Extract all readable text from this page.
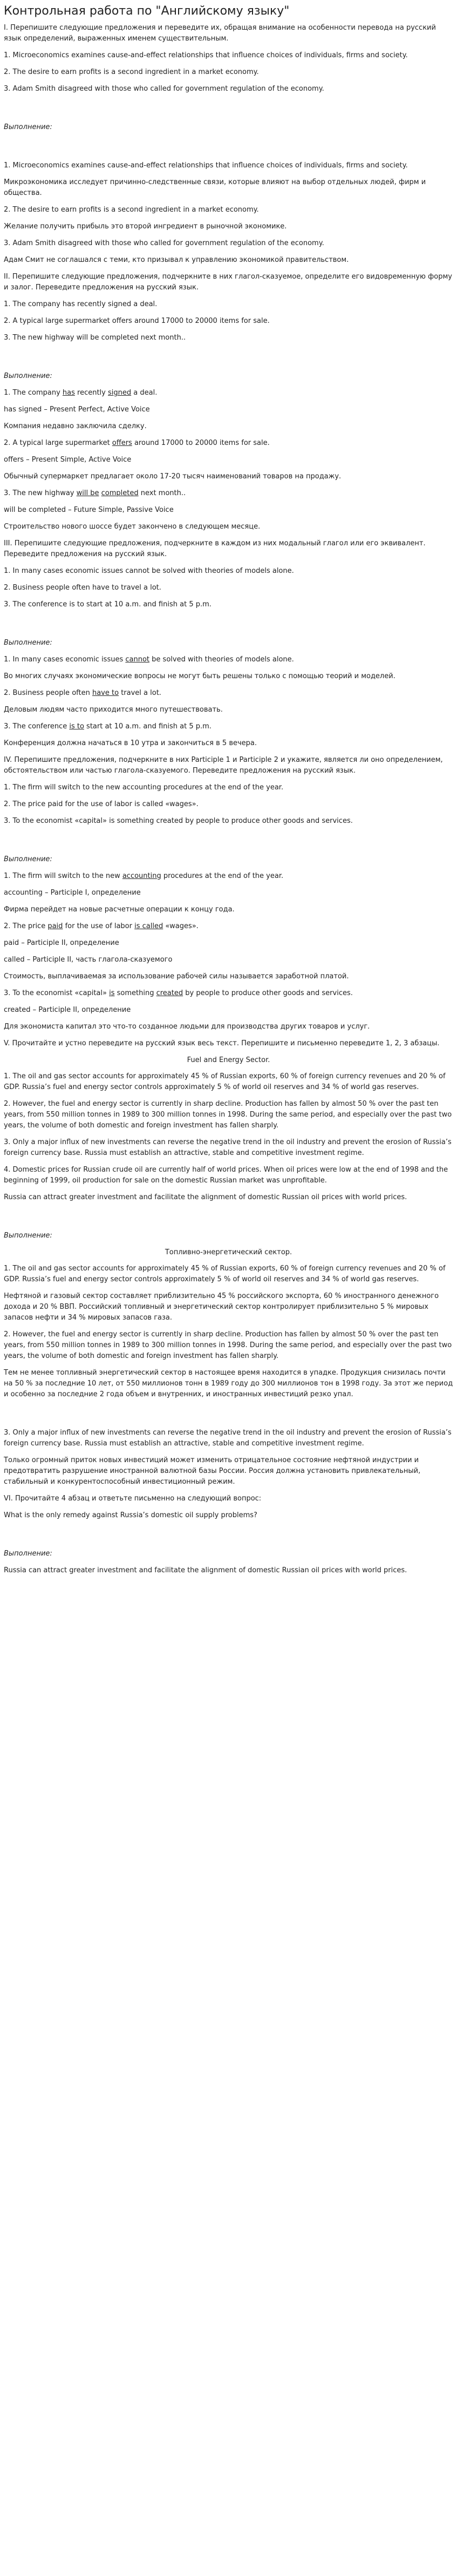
Контрольная работа по "Английскому языку"

I. Перепишите следующие предложения и переведите их, обращая внимание на особенности перевода на русский язык определений, выраженных именем существительным.

1. Microeconomics examines cause-and-effect relationships that influence choices of individuals, firms and society.

2. The desire to earn profits is a second ingredient in a market economy.

3. Adam Smith disagreed with those who called for government regulation of the economy.

Выполнение:

1. Microeconomics examines cause-and-effect relationships that influence choices of individuals, firms and society.

Микроэкономика исследует причинно-следственные связи, которые влияют на выбор отдельных людей, фирм и общества.

2. The desire to earn profits is a second ingredient in a market economy.

Желание получить прибыль это второй ингредиент в рыночной экономике.

3. Adam Smith disagreed with those who called for government regulation of the economy.

Адам Смит не соглашался с теми, кто призывал к управлению экономикой правительством.

II. Перепишите следующие предложения, подчеркните в них глагол-сказуемое, определите его видовременную форму и залог. Переведите предложения на русский язык.

1. The company has recently signed a deal.

2. A typical large supermarket offers around 17000 to 20000 items for sale.

3. The new highway will be completed next month..

Выполнение:

1. The company has recently signed a deal.

has signed – Present Perfect, Active Voice

Компания недавно заключила сделку.

2. A typical large supermarket offers around 17000 to 20000 items for sale.

offers – Present Simple, Active Voice

Обычный супермаркет предлагает около 17-20 тысяч наименований товаров на продажу.

3. The new highway will be completed next month..

will be completed – Future Simple, Passive Voice

Строительство нового шоссе будет закончено в следующем месяце.

III. Перепишите следующие предложения, подчеркните в каждом из них модальный глагол или его эквивалент. Переведите предложения на русский язык.

1. In many cases economic issues cannot be solved with theories of models alone.

2. Business people often have to travel a lot.

3. The conference is to start at 10 a.m. and finish at 5 p.m.

Выполнение:

1. In many cases economic issues cannot be solved with theories of models alone.

Во многих случаях экономические вопросы не могут быть решены только с помощью теорий и моделей.

2. Business people often have to travel a lot.

Деловым людям часто приходится много путешествовать.

3. The conference is to start at 10 a.m. and finish at 5 p.m.

Конференция должна начаться в 10 утра и закончиться в 5 вечера.

IV. Перепишите предложения, подчеркните в них Participle 1 и Participle 2 и укажите, является ли оно определением, обстоятельством или частью глагола-сказуемого. Переведите предложения на русский язык.

1. The firm will switch to the new accounting procedures at the end of the year.

2. The price paid for the use of labor is called «wages».

3. To the economist «capital» is something created by people to produce other goods and services.

Выполнение:

1. The firm will switch to the new accounting procedures at the end of the year.

accounting – Participle I, определение

Фирма перейдет на новые расчетные операции к концу года.

2. The price paid for the use of labor is called «wages».

paid – Participle II, определение

called – Participle II, часть глагола-сказуемого

Стоимость, выплачиваемая за использование рабочей силы называется заработной платой.

3. To the economist «capital» is something created by people to produce other goods and services.

created – Participle II, определение

Для экономиста капитал это что-то созданное людьми для производства других товаров и услуг.

V. Прочитайте и устно переведите на русский язык весь текст. Перепишите и письменно переведите 1, 2, 3 абзацы.

Fuel and Energy Sector.

1. The oil and gas sector accounts for approximately 45 % of Russian exports, 60 % of foreign currency revenues and 20 % of GDP. Russia’s fuel and energy sector controls approximately 5 % of world oil reserves and 34 % of world gas reserves.

2. However, the fuel and energy sector is currently in sharp decline. Production has fallen by almost 50 % over the past ten years, from 550 million tonnes in 1989 to 300 million tonnes in 1998. During the same period, and especially over the past two years, the volume of both domestic and foreign investment has fallen sharply.

3. Only a major influx of new investments can reverse the negative trend in the oil industry and prevent the erosion of Russia’s foreign currency base. Russia must establish an attractive, stable and competitive investment regime.

4. Domestic prices for Russian crude oil are currently half of world prices. When oil prices were low at the end of 1998 and the beginning of 1999, oil production for sale on the domestic Russian market was unprofitable.

Russia can attract greater investment and facilitate the alignment of domestic Russian oil prices with world prices.

Выполнение:

Топливно-энергетический сектор.

1. The oil and gas sector accounts for approximately 45 % of Russian exports, 60 % of foreign currency revenues and 20 % of GDP. Russia’s fuel and energy sector controls approximately 5 % of world oil reserves and 34 % of world gas reserves.

Нефтяной и газовый сектор составляет приблизительно 45 % российского экспорта, 60 % иностранного денежного дохода и 20 % ВВП. Российский топливный и энергетический сектор контролирует приблизительно 5 % мировых запасов нефти и 34 % мировых запасов газа.

2. However, the fuel and energy sector is currently in sharp decline. Production has fallen by almost 50 % over the past ten years, from 550 million tonnes in 1989 to 300 million tonnes in 1998. During the same period, and especially over the past two years, the volume of both domestic and foreign investment has fallen sharply.

Тем не менее топливный энергетический сектор в настоящее время находится в упадке. Продукция снизилась почти на 50 % за последние 10 лет, от 550 миллионов тонн в 1989 году до 300 миллионов тон в 1998 году. За этот же период и особенно за последние 2 года объем и внутренних, и иностранных инвестиций резко упал.

3. Only a major influx of new investments can reverse the negative trend in the oil industry and prevent the erosion of Russia’s foreign currency base. Russia must establish an attractive, stable and competitive investment regime.

Только огромный приток новых инвестиций может изменить отрицательное состояние нефтяной индустрии и предотвратить разрушение иностранной валютной базы России. Россия должна установить привлекательный, стабильный и конкурентоспособный инвестиционный режим.

VI. Прочитайте 4 абзац и ответьте письменно на следующий вопрос:

What is the only remedy against Russia’s domestic oil supply problems?

Выполнение:

Russia can attract greater investment and facilitate the alignment of domestic Russian oil prices with world prices.
